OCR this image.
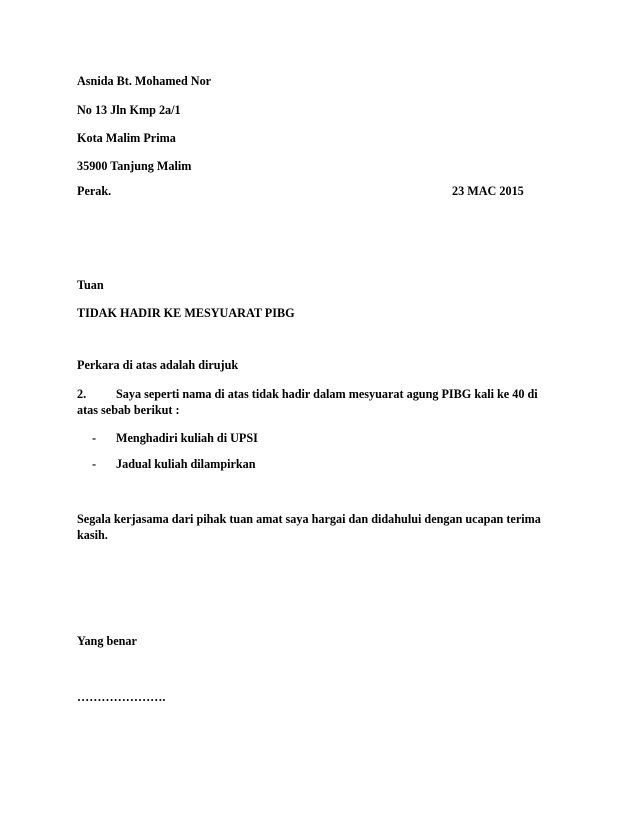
Asnida Bt. Mohamed Nor
No 13 Jln Kmp 2a/1
Kota Malim Prima
35900 Tanjung Malim
Perak.	23 MAC 2015
Tuan
TIDAK HADIR KE MESYUARAT PIBG
Perkara di atas adalah dirujuk
2. Saya seperti nama di atas tidak hadir dalam mesyuarat agung PIBG kali ke 40 di
atas sebab berikut :
- Menghadiri kuliah di UPSI
- Jadual kuliah dilampirkan
Segala kerjasama dari pihak tuan amat saya hargai dan didahului dengan ucapan terima
kasih.
Yang benar
………………….
